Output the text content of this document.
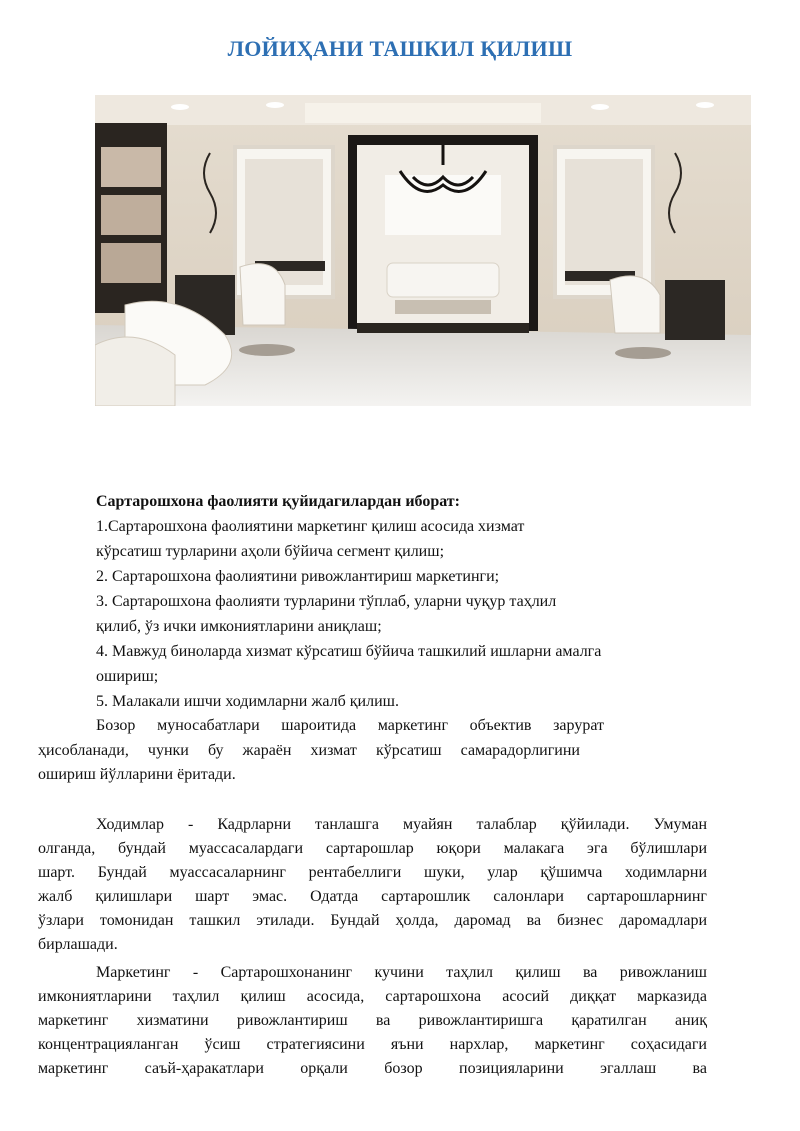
ЛОЙИҲАНИ ТАШКИЛ ҚИЛИШ
Сартарошхона фаолияти қуйидагилардан иборат:
1.Сартарошхона фаолиятини маркетинг қилиш асосида хизмат
кўрсатиш турларини аҳоли бўйича сегмент қилиш;
2. Сартарошхона фаолиятини ривожлантириш маркетинги;
3. Сартарошхона фаолияти турларини тўплаб, уларни чуқур таҳлил
қилиб, ўз ички имкониятларини аниқлаш;
4. Мавжуд биноларда хизмат кўрсатиш бўйича ташкилий ишларни амалга
ошириш;
5. Малакали ишчи ходимларни жалб қилиш.
Бозор муносабатлари шароитида маркетинг объектив зарурат
ҳисобланади, чунки бу жараён хизмат кўрсатиш самарадорлигини
ошириш йўлларини ёритади.
Ходимлар - Кадрларни танлашга муайян талаблар қўйилади. Умуман
олганда, бундай муассасалардаги сартарошлар юқори малакага эга бўлишлари
шарт. Бундай муассасаларнинг рентабеллиги шуки, улар қўшимча ходимларни
жалб қилишлари шарт эмас. Одатда сартарошлик салонлари сартарошларнинг
ўзлари томонидан ташкил этилади. Бундай ҳолда, даромад ва бизнес даромадлари
бирлашади.
Маркетинг - Сартарошхонанинг кучини таҳлил қилиш ва ривожланиш
имкониятларини таҳлил қилиш асосида, сартарошхона асосий диққат марказида
маркетинг хизматини ривожлантириш ва ривожлантиришга қаратилган аниқ
концентрацияланган ўсиш стратегиясини яъни нархлар, маркетинг соҳасидаги
маркетинг саъй-ҳаракатлари орқали бозор позицияларини эгаллаш ва
